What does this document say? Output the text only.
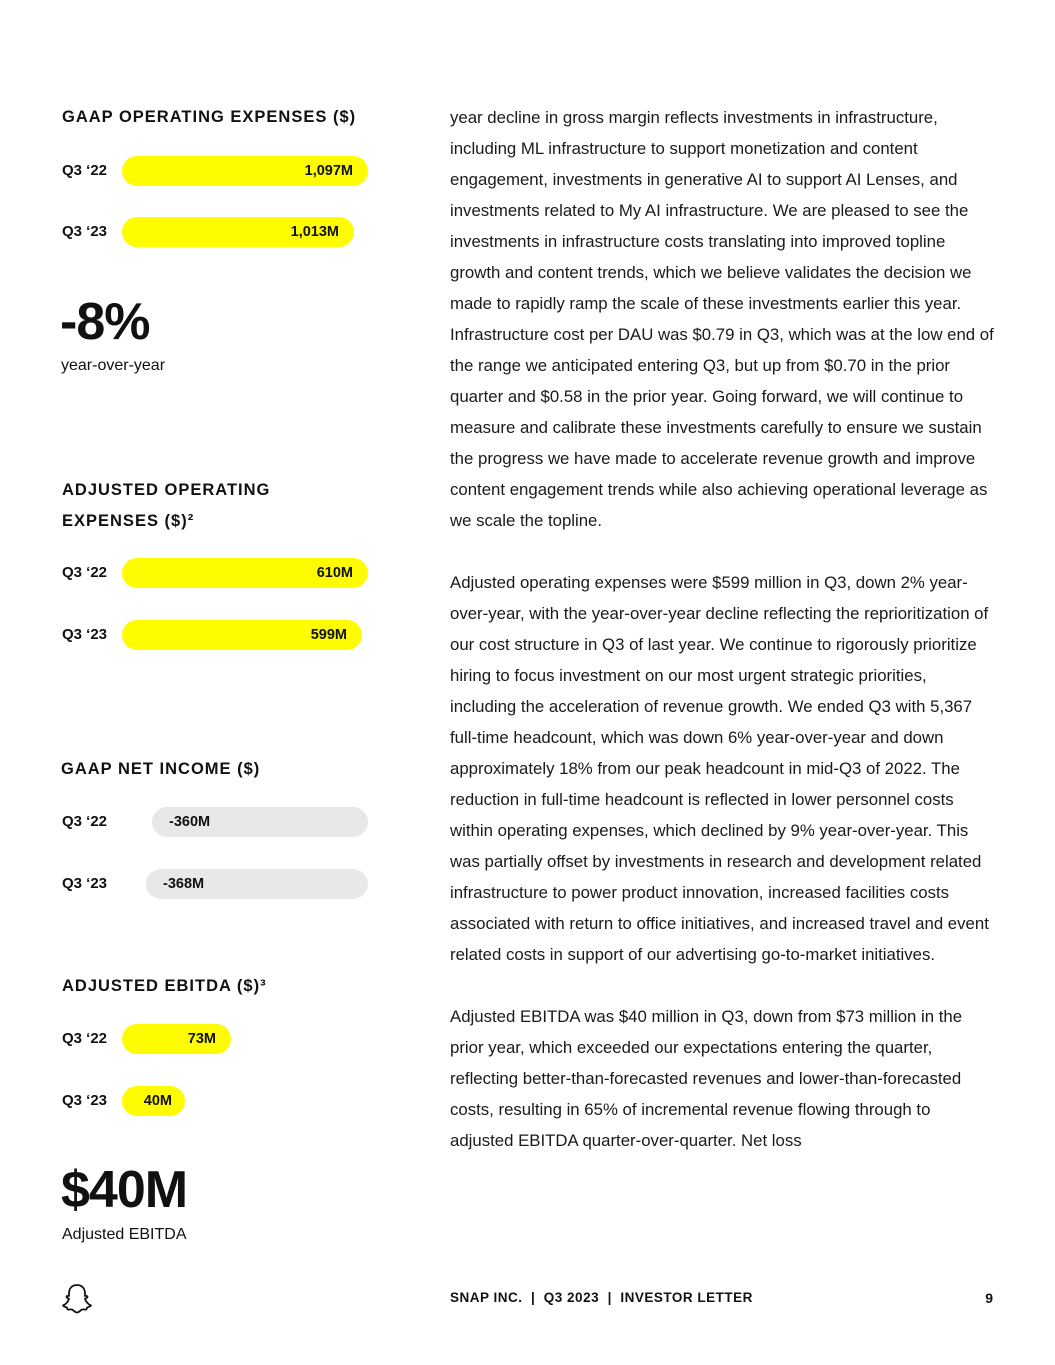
GAAP OPERATING EXPENSES ($)
Q3 ‘22	1,097M
Q3 ‘23	1,013M
-8%
year-over-year
ADJUSTED OPERATING
EXPENSES ($)²
Q3 ‘22	610M
Q3 ‘23	599M
GAAP NET INCOME ($)
Q3 ‘22	-360M
Q3 ‘23	-368M
ADJUSTED EBITDA ($)³
Q3 ‘22	73M
Q3 ‘23	40M
$40M
Adjusted EBITDA

year decline in gross margin reflects investments in infrastructure, including ML infrastructure to support monetization and content engagement, investments in generative AI to support AI Lenses, and investments related to My AI infrastructure. We are pleased to see the investments in infrastructure costs translating into improved topline growth and content trends, which we believe validates the decision we made to rapidly ramp the scale of these investments earlier this year. Infrastructure cost per DAU was $0.79 in Q3, which was at the low end of the range we anticipated entering Q3, but up from $0.70 in the prior quarter and $0.58 in the prior year. Going forward, we will continue to measure and calibrate these investments carefully to ensure we sustain the progress we have made to accelerate revenue growth and improve content engagement trends while also achieving operational leverage as we scale the topline.

Adjusted operating expenses were $599 million in Q3, down 2% year-over-year, with the year-over-year decline reflecting the reprioritization of our cost structure in Q3 of last year. We continue to rigorously prioritize hiring to focus investment on our most urgent strategic priorities, including the acceleration of revenue growth. We ended Q3 with 5,367 full-time headcount, which was down 6% year-over-year and down approximately 18% from our peak headcount in mid-Q3 of 2022. The reduction in full-time headcount is reflected in lower personnel costs within operating expenses, which declined by 9% year-over-year. This was partially offset by investments in research and development related infrastructure to power product innovation, increased facilities costs associated with return to office initiatives, and increased travel and event related costs in support of our advertising go-to-market initiatives.

Adjusted EBITDA was $40 million in Q3, down from $73 million in the prior year, which exceeded our expectations entering the quarter, reflecting better-than-forecasted revenues and lower-than-forecasted costs, resulting in 65% of incremental revenue flowing through to adjusted EBITDA quarter-over-quarter. Net loss

SNAP INC.  |  Q3 2023  |  INVESTOR LETTER	9
